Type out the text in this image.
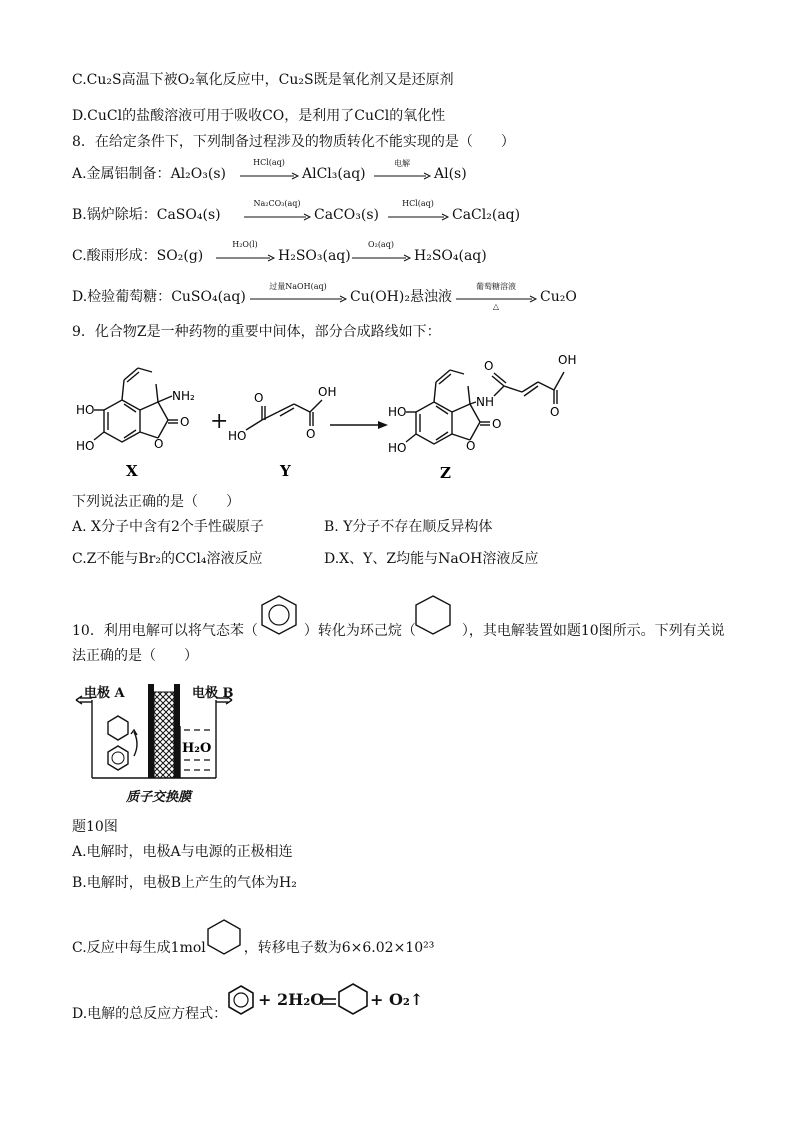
C.Cu₂S高温下被O₂氧化反应中，Cu₂S既是氧化剂又是还原剂
D.CuCl的盐酸溶液可用于吸收CO，是利用了CuCl的氧化性
8．在给定条件下，下列制备过程涉及的物质转化不能实现的是（　　）
A.金属铝制备：Al₂O₃(s)
HCl(aq)
AlCl₃(aq)
电解
Al(s)
B.锅炉除垢：CaSO₄(s)
Na₂CO₃(aq)
CaCO₃(s)
HCl(aq)
CaCl₂(aq)
C.酸雨形成：SO₂(g)
H₂O(l)
H₂SO₃(aq)
O₂(aq)
H₂SO₄(aq)
D.检验葡萄糖：CuSO₄(aq)
过量NaOH(aq)
Cu(OH)₂悬浊液
葡萄糖溶液
△
Cu₂O
9．化合物Z是一种药物的重要中间体，部分合成路线如下：
HO
HO
NH₂
O
O
X
+
O
HO	O
OH
Y
O
NH
O
OH
HO
HO
O
O
Z
下列说法正确的是（　　）
A. X分子中含有2个手性碳原子	B. Y分子不存在顺反异构体
C.Z不能与Br₂的CCl₄溶液反应	D.X、Y、Z均能与NaOH溶液反应
10．利用电解可以将气态苯（	）转化为环己烷（	），其电解装置如题10图所示。下列有关说
法正确的是（　　）
H₂O
电极 A	电极 B
质子交换膜
题10图
A.电解时，电极A与电源的正极相连
B.电解时，电极B上产生的气体为H₂
C.反应中每生成1mol	，转移电子数为6×6.02×10²³
D.电解的总反应方程式：
+ 2H₂O	+ O₂↑
